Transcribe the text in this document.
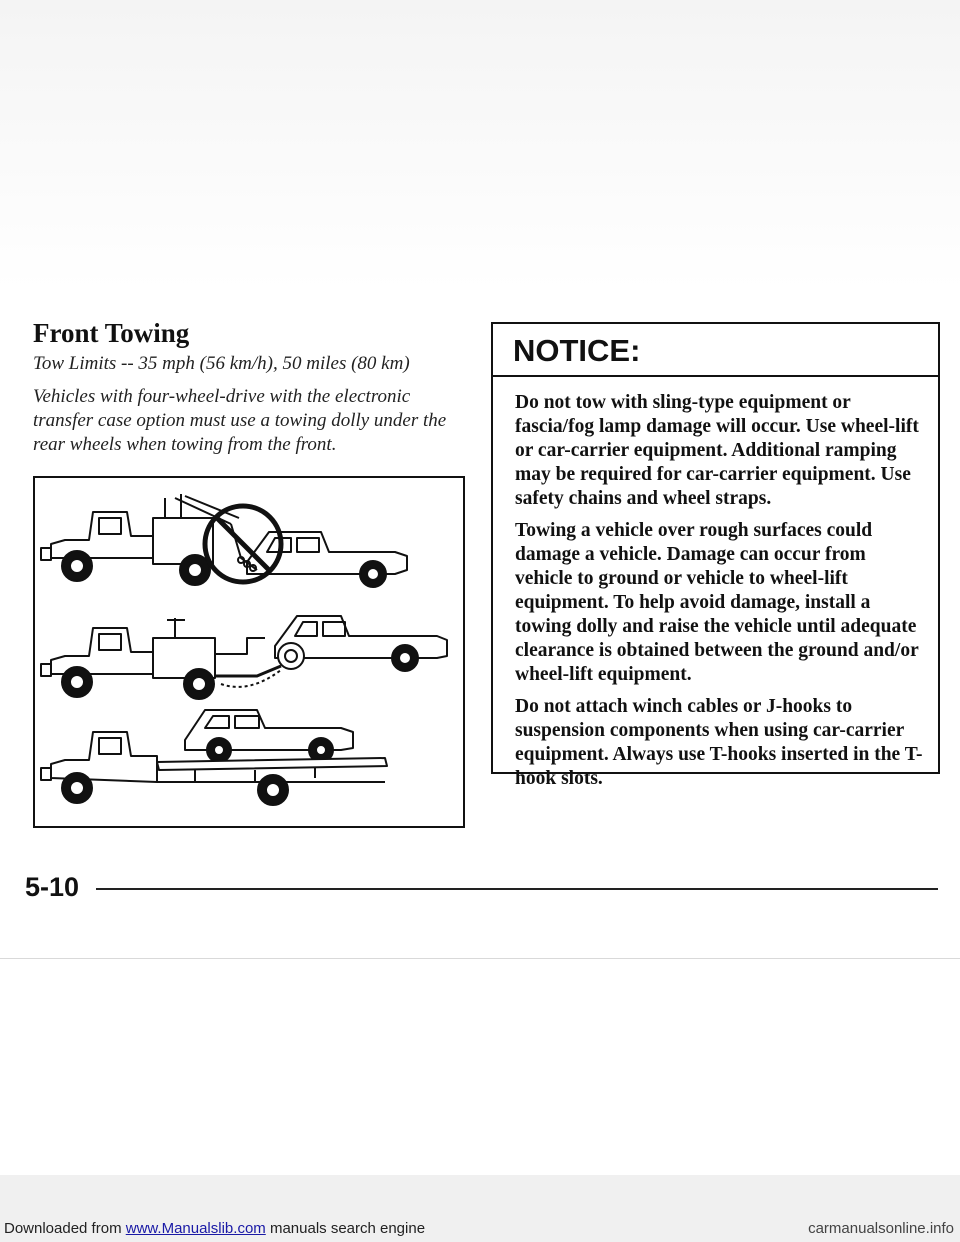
Front Towing

Tow Limits -- 35 mph (56 km/h), 50 miles (80 km)

Vehicles with four-wheel-drive with the electronic transfer case option must use a towing dolly under the rear wheels when towing from the front.

NOTICE:

Do not tow with sling-type equipment or fascia/fog lamp damage will occur. Use wheel-lift or car-carrier equipment. Additional ramping may be required for car-carrier equipment. Use safety chains and wheel straps.

Towing a vehicle over rough surfaces could damage a vehicle. Damage can occur from vehicle to ground or vehicle to wheel-lift equipment. To help avoid damage, install a towing dolly and raise the vehicle until adequate clearance is obtained between the ground and/or wheel-lift equipment.

Do not attach winch cables or J-hooks to suspension components when using car-carrier equipment. Always use T-hooks inserted in the T-hook slots.

5-10
Downloaded from www.Manualslib.com manuals search engine	carmanualsonline.info
